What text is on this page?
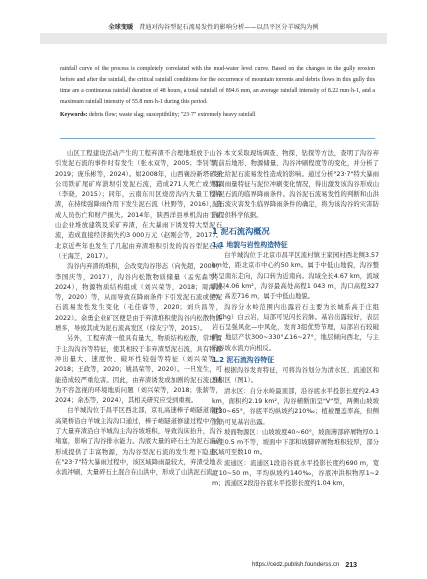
全球变暖 昔迪对沟谷型泥石流易发性的影响分析——以昌平区分羊城沟为例

rainfall curve of the process is completely correlated with the mud-water level curve. Based on the changes in the gully erosion before and after the rainfall, the critical rainfall conditions for the occurrence of mountain torrents and debris flows in this gully this time are a continuous rainfall duration of 48 hours, a total rainfall of 894.6 mm, an average rainfall intensity of 8.22 mm·h-1, and a maximum rainfall intensity of 55.8 mm·h-1 during this period.

Keywords: debris flow; waste slag; susceptibility; "23·7" extremely heavy rainfall

山区工程建设活动产生的工程弃渣不合理地堆放于山谷引发泥石流的事件时有发生（张永双等，2005；李钊等，2019；庞乐彬等，2024）。如2008年，山西襄汾新塔矿业公司铁矿尾矿库溃坝引发泥石流，造成271人死亡或失踪（李晓，2015）；同年，云南东川区烧房沟内大量工程弃渣，在持续强降雨作用下发生泥石流（杜野等，2016），造成人员伤亡和财产损失。2014年，陕西洋县单机沟由于矿山企业堆放建筑及采矿弃渣，在大暴雨下诱发特大型泥石流，造成直接经济损失约3 000万元（赵刚会等，2017）。北京近些年也发生了几起由弃渣堆积引发的沟谷型泥石流（王海芝，2017）。

沟谷内弃渣的堆积，会改变沟谷形态（向先超，2009；李国庆等，2017），沟谷内松散物质储量（孟宪森等，2024），物源物质结构组成（刘兴荣等，2018；周海波等，2020）等，从而导致在降雨条件下引发泥石流或使泥石流易发性发生变化（毛佳睿等，2020；刘兵昌等，2022）。余勇企业矿区便是由于弃渣堆积使沟谷内松散物源增多，导致其成为泥石流高发区（徐友宁等，2015）。

另外，工程弃渣一般具有量大，物质结构松散，常堆置于主沟沟谷等特征，使其相较于非弃渣型泥石流，具有物源冲出量大、速度快、破坏性较强等特征（刘兴荣等，2018；王政等，2020；姚昌荣等，2020）。一旦发生，可能造成较严重危害。因此，由弃渣诱发或加剧的泥石流已成为不容忽视的环境地质问题（刘兴荣等，2018；张薪等，2024；余杰等，2024），其相关研究应受到重视。

白羊城沟位于昌平区西北部，京礼高速棒子峪隧道南段高架桥沿白羊城主沟沟口通过，棒子峪隧道修建过程中产生了大量弃渣沿白羊城沟主沟谷坡堆积，导致沟床抬升，沟谷堵塞，影响了沟谷排水能力。沟底大量的碎石土为泥石流的形成提供了丰富物源，为沟谷型泥石流的发生埋下隐患。在"23·7"特大暴雨过程中，该区域降雨最较大，弃渣受地表水流冲刷，大量碎石土混合在山洪中，形成了山洪泥石流。

本文采取现场调查、物探、钻探等方法，查明了沟谷弃渣前后地形、物源储量、沟谷冲刷程度等的变化，并分析了变化给泥石流易发性造成的影响。通过分析"23·7"特大暴雨期间雨量特征与泥位冲刷变化情况，得出激发该沟谷形成山洪泥石流的临界降雨条件。沟谷泥石流易发性的判断和山洪泥石流灾害发生临界降雨条件的确定，将为该沟谷的灾害防治提供科学依据。

1 泥石流沟概况
1.1 地貌与岩性构造特征

白羊城沟位于北京市昌平区流村镇王家园村西北侧3.57 km处，距北京市中心约50 km。属于中低山地貌，沟谷整体呈南东走向，沟口转为近南向。沟域全长4.67 km，流域面积4.06 km²，沟谷最高处高程1 043 m，沟口高程327 m，高差716 m，属于中低山地貌。

沟谷分水岭范围内出露岩石主要为长城系高于庄组（Chg）白云岩，局部可见闪长岩脉。基岩出露较好，表层岩石呈强风化—中风化，发育3组优势节理，局部岩石较破碎。地层产状300~330°∠16~27°，地层倾向西北，与主沟谷坡水流方向相反。

1.2 泥石流沟谷特征

根据沟谷发育特征，可将沟谷划分为清水区、流通区和堆积区（图1）。

清水区：自分水岭最顶部，沿谷底水平投影长度约2.43 km，面积约2.19 km²，沟谷横断面呈"V"型，两侧山坡坡度30~65°，谷底平均纵坡约210‰；植被覆盖率高，但侧面仍可见基岩出露。

坡面物源区：山坡坡度40~60°，坡面薄部碎屑物厚0.1 m至0.5 m不等，坡面中下部和坡脚碎屑物堆积较厚，部分区域可至数10 m。

流通区：流通区1段沿谷底水平投影长度约690 m，宽度10~50 m，平均纵坡约140‰，谷底冲洪积物厚1~2 m；流通区2段沿谷底水平投影长度约1.04 km，

https://cedz.publish.founderss.cn 213
